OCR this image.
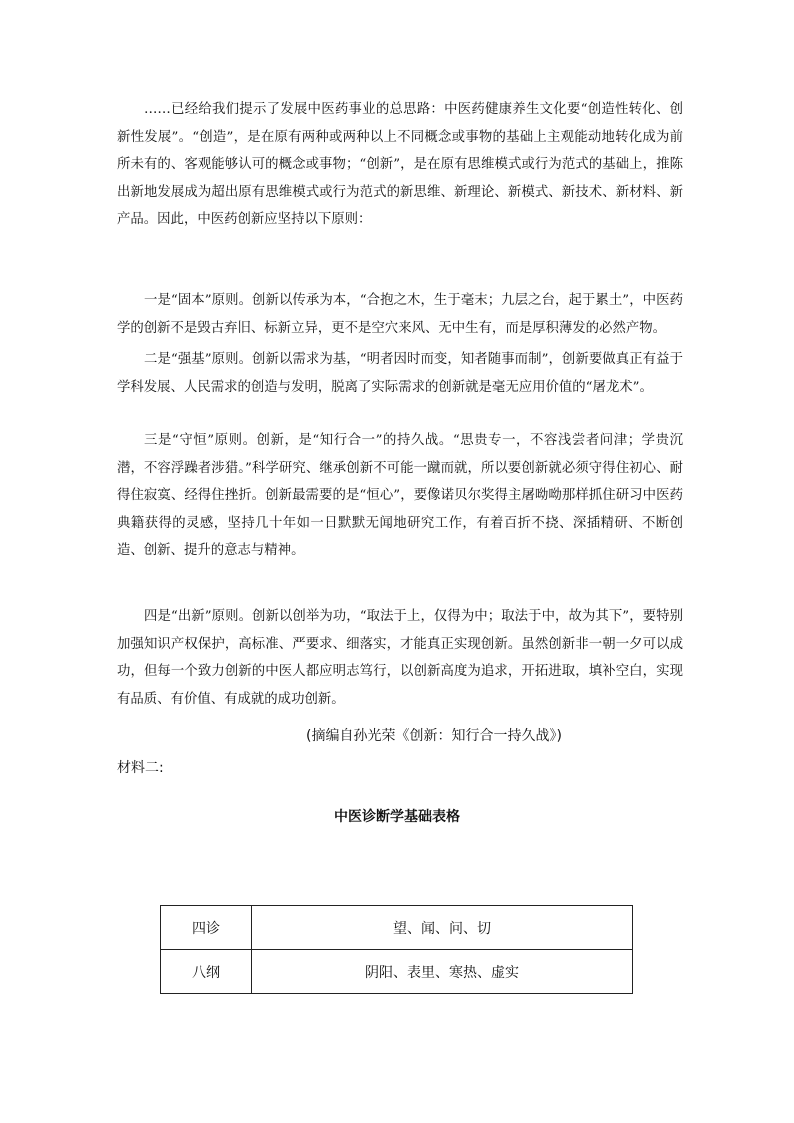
……已经给我们提示了发展中医药事业的总思路：中医药健康养生文化要“创造性转化、创新性发展”。“创造”，是在原有两种或两种以上不同概念或事物的基础上主观能动地转化成为前所未有的、客观能够认可的概念或事物；“创新”，是在原有思维模式或行为范式的基础上，推陈出新地发展成为超出原有思维模式或行为范式的新思维、新理论、新模式、新技术、新材料、新产品。因此，中医药创新应坚持以下原则：

一是“固本”原则。创新以传承为本，“合抱之木，生于毫末；九层之台，起于累土”，中医药学的创新不是毁古弃旧、标新立异，更不是空穴来风、无中生有，而是厚积薄发的必然产物。

二是“强基”原则。创新以需求为基，“明者因时而变，知者随事而制”，创新要做真正有益于学科发展、人民需求的创造与发明，脱离了实际需求的创新就是毫无应用价值的“屠龙术”。

三是“守恒”原则。创新，是“知行合一”的持久战。“思贵专一，不容浅尝者问津；学贵沉潜，不容浮躁者涉猎。”科学研究、继承创新不可能一蹴而就，所以要创新就必须守得住初心、耐得住寂寞、经得住挫折。创新最需要的是“恒心”，要像诺贝尔奖得主屠呦呦那样抓住研习中医药典籍获得的灵感，坚持几十年如一日默默无闻地研究工作，有着百折不挠、深插精研、不断创造、创新、提升的意志与精神。

四是“出新”原则。创新以创举为功，“取法于上，仅得为中；取法于中，故为其下”，要特别加强知识产权保护，高标准、严要求、细落实，才能真正实现创新。虽然创新非一朝一夕可以成功，但每一个致力创新的中医人都应明志笃行，以创新高度为追求，开拓进取，填补空白，实现有品质、有价值、有成就的成功创新。

(摘编自孙光荣《创新：知行合一持久战》)
材料二:
中医诊断学基础表格
四诊	望、闻、问、切
八纲	阴阳、表里、寒热、虚实
